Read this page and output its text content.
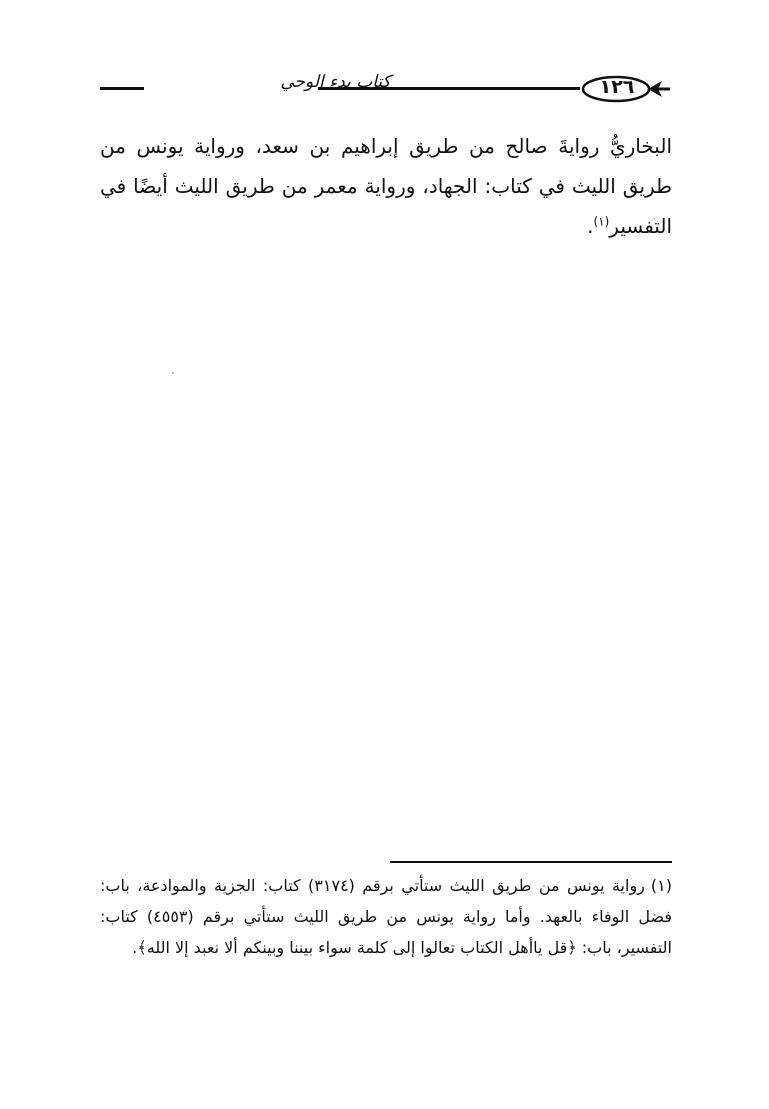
كتاب بدء الوحي	١٢٦

البخاريُّ روايةَ صالح من طريق إبراهيم بن سعد، ورواية يونس من طريق الليث في كتاب: الجهاد، ورواية معمر من طريق الليث أيضًا في التفسير$^{(١)}$.

(١)رواية يونس من طريق الليث ستأتي برقم (٣١٧٤) كتاب: الجزية والموادعة، باب: فضل الوفاء بالعهد. وأما رواية يونس من طريق الليث ستأتي برقم (٤٥٥٣) كتاب: التفسير، باب: ﴿قل ياأهل الكتاب تعالوا إلى كلمة سواء بيننا وبينكم ألا نعبد إلا الله﴾.
